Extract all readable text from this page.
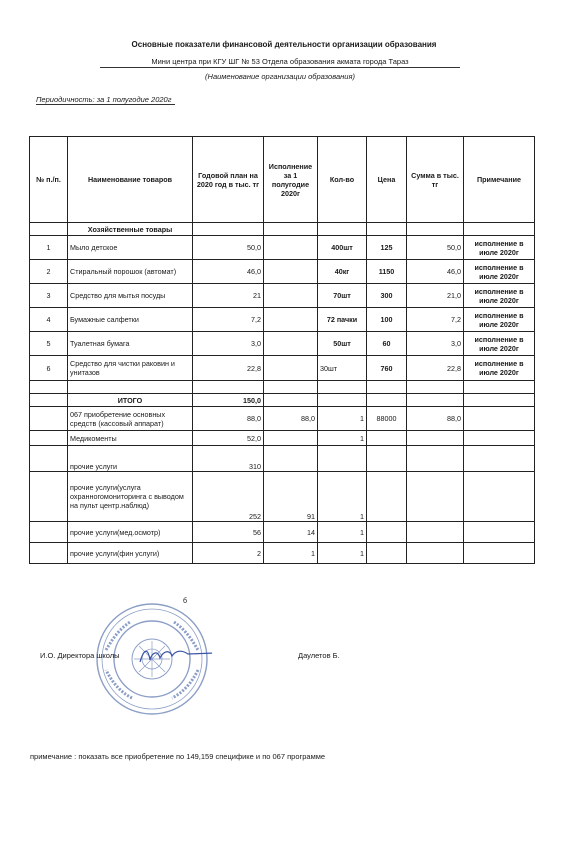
Основные показатели финансовой деятельности организации образования
Мини центра при КГУ ШГ № 53 Отдела образования акмата города Тараз
(Наименование организации образования)
Периодичность: за 1 полугодие 2020г
№ п./п.	Наименование товаров	Годовой план на 2020 год в тыс. тг	Исполнение за 1 полугодие 2020г	Кол-во	Цена	Сумма в тыс. тг	Примечание
	Хозяйственные товары						
1	Мыло детское	50,0		400шт	125	50,0	исполнение в июле 2020г
2	Стиральный порошок (автомат)	46,0		40кг	1150	46,0	исполнение в июле 2020г
3	Средство для мытья посуды	21		70шт	300	21,0	исполнение в июле 2020г
4	Бумажные салфетки	7,2		72 пачки	100	7,2	исполнение в июле 2020г
5	Туалетная бумага	3,0		50шт	60	3,0	исполнение в июле 2020г
6	Средство для чистки раковин и унитазов	22,8		30шт	760	22,8	исполнение в июле 2020г

	ИТОГО	150,0					
	067 приобретение основных средств (кассовый аппарат)	88,0	88,0	1	88000	88,0	
	Медикоменты	52,0		1			
	прочие услуги	310					
	прочие услуги(услуга охранногомониторинга с выводом на пульт центр.наблюд)	252	91	1			
	прочие услуги(мед.осмотр)	56	14	1			
	прочие услуги(фин услуги)	2	1	1			
б
И.О. Директора школы	Даулетов Б.
примечание : показать все приобретение по 149,159 специфике и по 067 программе
